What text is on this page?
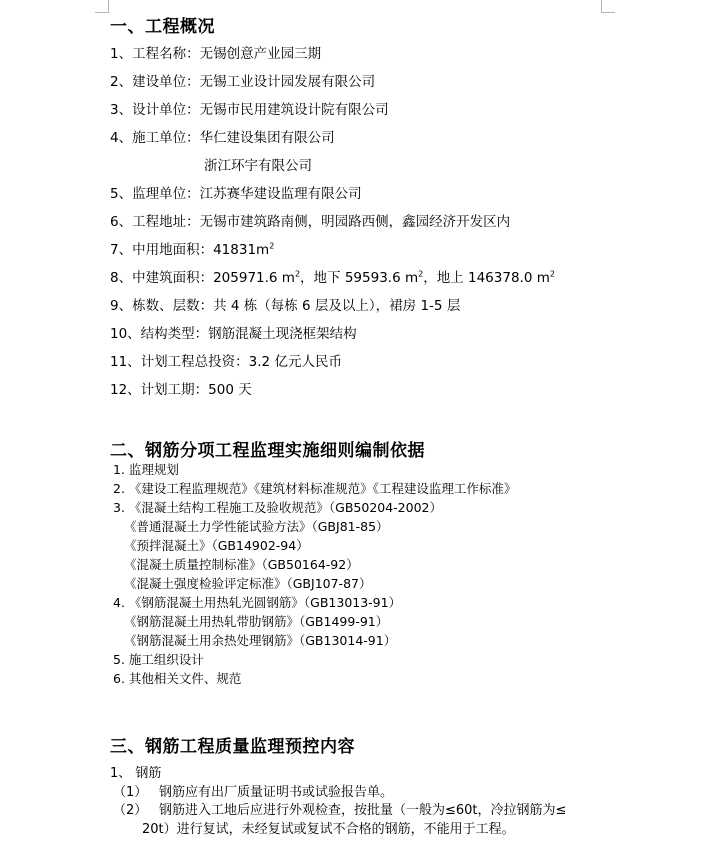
一、工程概况
1、工程名称：无锡创意产业园三期
2、建设单位：无锡工业设计园发展有限公司
3、设计单位：无锡市民用建筑设计院有限公司
4、施工单位：华仁建设集团有限公司
浙江环宇有限公司
5、监理单位：江苏赛华建设监理有限公司
6、工程地址：无锡市建筑路南侧，明园路西侧，鑫园经济开发区内
7、中用地面积：$41831m^2$
8、中建筑面积：205971.6 $m^2$，地下 59593.6 $m^2$，地上 146378.0 $m^2$
9、栋数、层数：共 4 栋（每栋 6 层及以上），裙房 1-5 层
10、结构类型：钢筋混凝土现浇框架结构
11、计划工程总投资：3.2 亿元人民币
12、计划工期：500 天
二、钢筋分项工程监理实施细则编制依据
1. 监理规划
2. 《建设工程监理规范》《建筑材料标准规范》《工程建设监理工作标准》
3. 《混凝土结构工程施工及验收规范》（GB50204-2002）
《普通混凝土力学性能试验方法》（GBJ81-85）
《预拌混凝土》（GB14902-94）
《混凝土质量控制标准》（GB50164-92）
《混凝土强度检验评定标准》（GBJ107-87）
4. 《钢筋混凝土用热轧光圆钢筋》（GB13013-91）
《钢筋混凝土用热轧带肋钢筋》（GB1499-91）
《钢筋混凝土用余热处理钢筋》（GB13014-91）
5. 施工组织设计
6. 其他相关文件、规范
三、钢筋工程质量监理预控内容
1、 钢筋
（1） 钢筋应有出厂质量证明书或试验报告单。
（2） 钢筋进入工地后应进行外观检查，按批量（一般为≤60t，冷拉钢筋为≤
20t）进行复试，未经复试或复试不合格的钢筋，不能用于工程。
